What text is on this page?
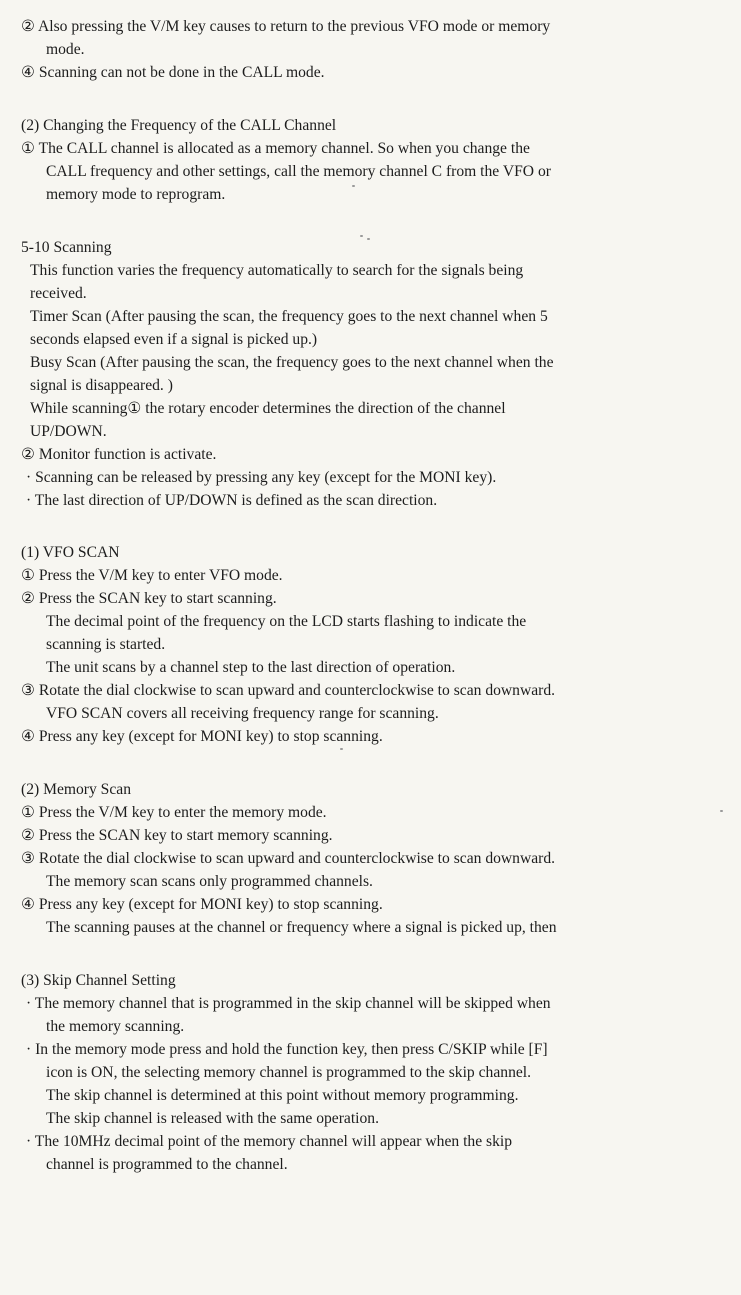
② Also pressing the V/M key causes to return to the previous VFO mode or memory
mode.
④ Scanning can not be done in the CALL mode.
(2) Changing the Frequency of the CALL Channel
① The CALL channel is allocated as a memory channel. So when you change the
CALL frequency and other settings, call the memory channel C from the VFO or
memory mode to reprogram.
5-10 Scanning
This function varies the frequency automatically to search for the signals being
received.
Timer Scan (After pausing the scan, the frequency goes to the next channel when 5
seconds elapsed even if a signal is picked up.)
Busy Scan (After pausing the scan, the frequency goes to the next channel when the
signal is disappeared. )
While scanning① the rotary encoder determines the direction of the channel
UP/DOWN.
② Monitor function is activate.
· Scanning can be released by pressing any key (except for the MONI key).
· The last direction of UP/DOWN is defined as the scan direction.
(1) VFO SCAN
① Press the V/M key to enter VFO mode.
② Press the SCAN key to start scanning.
The decimal point of the frequency on the LCD starts flashing to indicate the
scanning is started.
The unit scans by a channel step to the last direction of operation.
③ Rotate the dial clockwise to scan upward and counterclockwise to scan downward.
VFO SCAN covers all receiving frequency range for scanning.
④ Press any key (except for MONI key) to stop scanning.
(2) Memory Scan
① Press the V/M key to enter the memory mode.
② Press the SCAN key to start memory scanning.
③ Rotate the dial clockwise to scan upward and counterclockwise to scan downward.
The memory scan scans only programmed channels.
④ Press any key (except for MONI key) to stop scanning.
The scanning pauses at the channel or frequency where a signal is picked up, then
(3) Skip Channel Setting
· The memory channel that is programmed in the skip channel will be skipped when
the memory scanning.
· In the memory mode press and hold the function key, then press C/SKIP while [F]
icon is ON, the selecting memory channel is programmed to the skip channel.
The skip channel is determined at this point without memory programming.
The skip channel is released with the same operation.
· The 10MHz decimal point of the memory channel will appear when the skip
channel is programmed to the channel.
